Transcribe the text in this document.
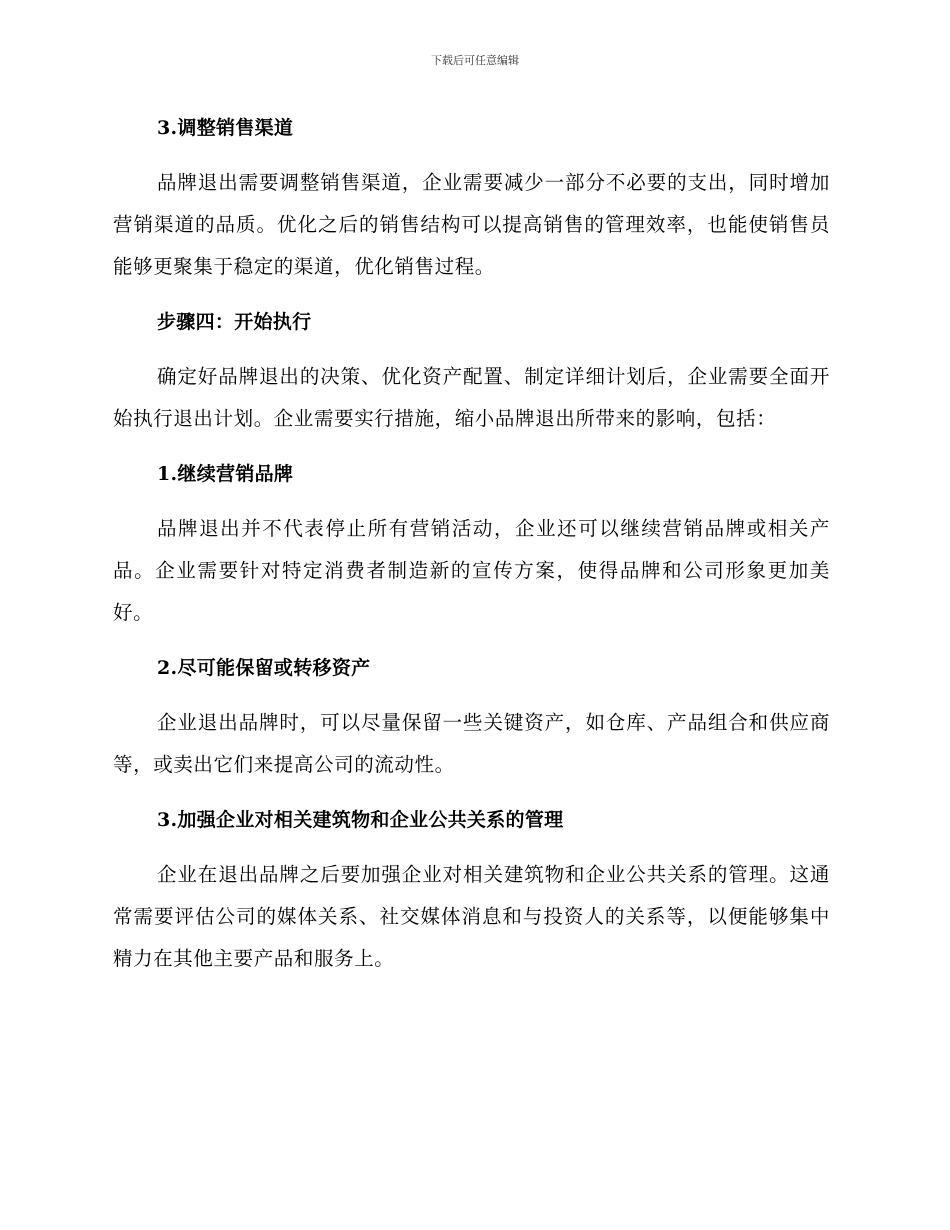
下载后可任意编辑
3.调整销售渠道

品牌退出需要调整销售渠道，企业需要减少一部分不必要的支出，同时增加营销渠道的品质。优化之后的销售结构可以提高销售的管理效率，也能使销售员能够更聚集于稳定的渠道，优化销售过程。

步骤四：开始执行

确定好品牌退出的决策、优化资产配置、制定详细计划后，企业需要全面开始执行退出计划。企业需要实行措施，缩小品牌退出所带来的影响，包括：

1.继续营销品牌

品牌退出并不代表停止所有营销活动，企业还可以继续营销品牌或相关产品。企业需要针对特定消费者制造新的宣传方案，使得品牌和公司形象更加美好。

2.尽可能保留或转移资产

企业退出品牌时，可以尽量保留一些关键资产，如仓库、产品组合和供应商等，或卖出它们来提高公司的流动性。

3.加强企业对相关建筑物和企业公共关系的管理

企业在退出品牌之后要加强企业对相关建筑物和企业公共关系的管理。这通常需要评估公司的媒体关系、社交媒体消息和与投资人的关系等，以便能够集中精力在其他主要产品和服务上。
